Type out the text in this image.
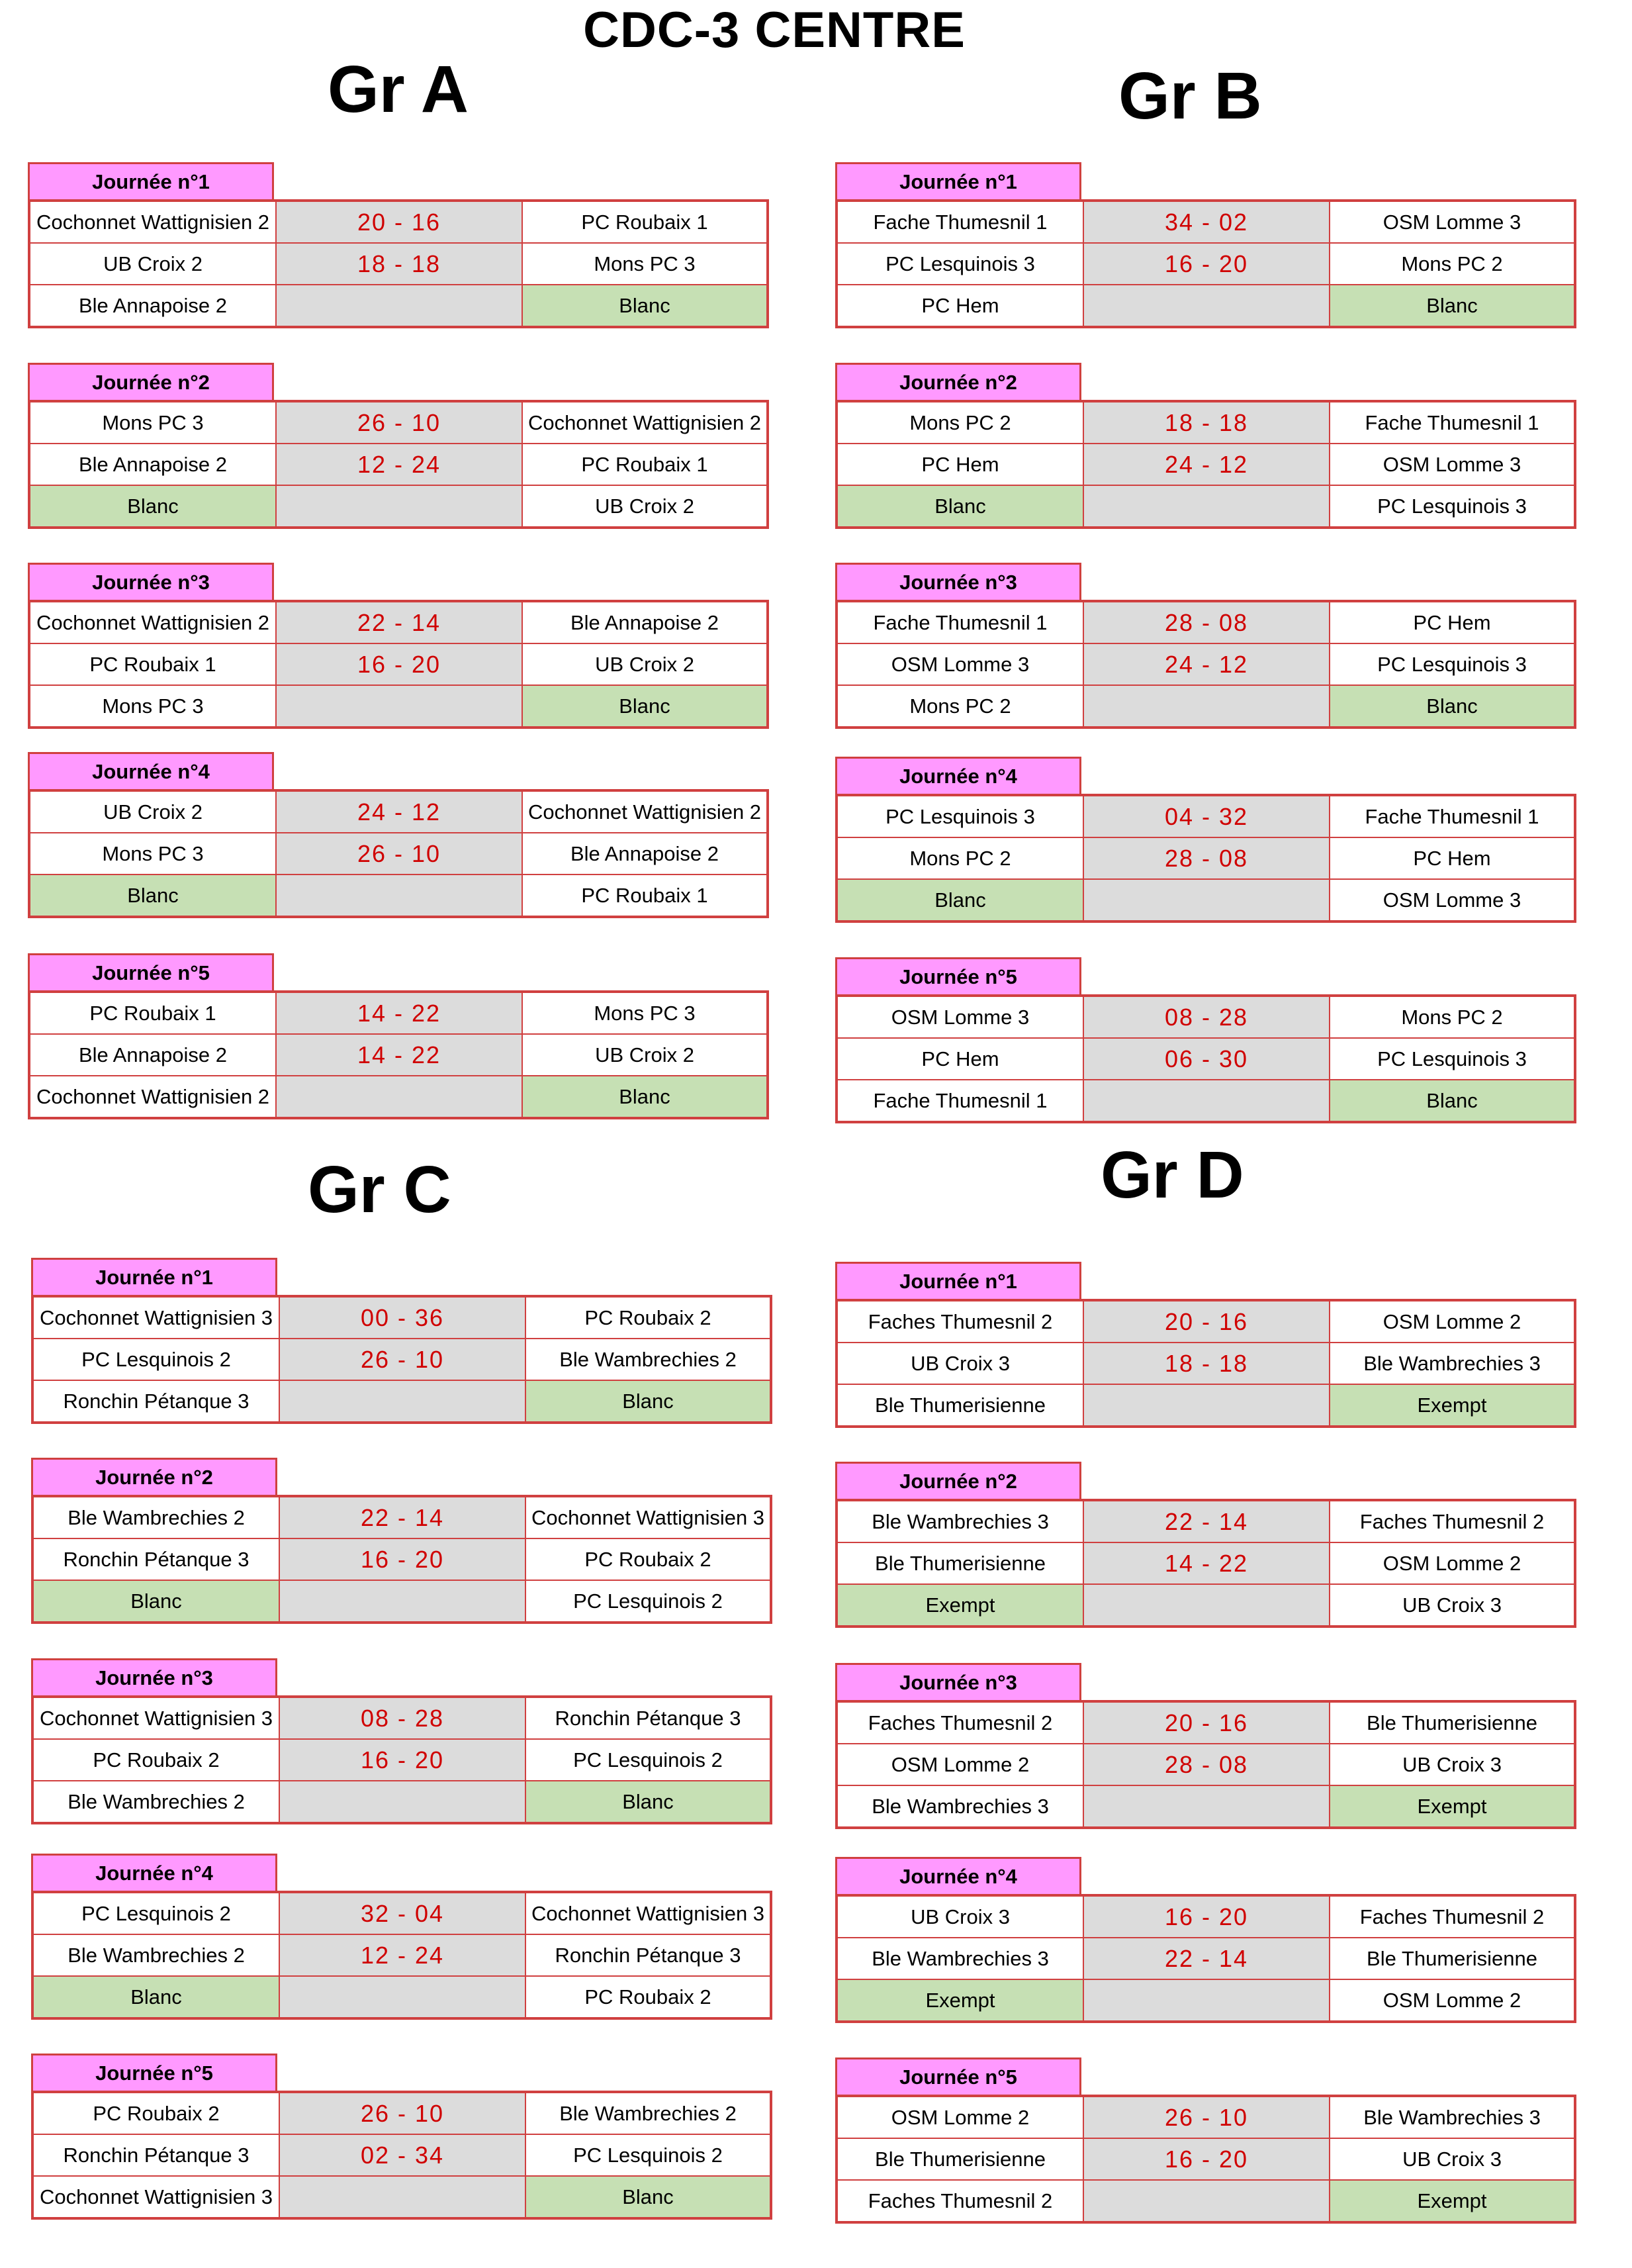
CDC-3 CENTRE
Gr A	Gr B
Gr C	Gr D
Journée n°1
Cochonnet Wattignisien 2	20 - 16	PC Roubaix 1
UB Croix 2	18 - 18	Mons PC 3
Ble Annapoise 2	Blanc
Journée n°2
Mons PC 3	26 - 10	Cochonnet Wattignisien 2
Ble Annapoise 2	12 - 24	PC Roubaix 1
Blanc	UB Croix 2
Journée n°3
Cochonnet Wattignisien 2	22 - 14	Ble Annapoise 2
PC Roubaix 1	16 - 20	UB Croix 2
Mons PC 3	Blanc
Journée n°4
UB Croix 2	24 - 12	Cochonnet Wattignisien 2
Mons PC 3	26 - 10	Ble Annapoise 2
Blanc	PC Roubaix 1
Journée n°5
PC Roubaix 1	14 - 22	Mons PC 3
Ble Annapoise 2	14 - 22	UB Croix 2
Cochonnet Wattignisien 2	Blanc
Journée n°1
Fache Thumesnil 1	34 - 02	OSM Lomme 3
PC Lesquinois 3	16 - 20	Mons PC 2
PC Hem	Blanc
Journée n°2
Mons PC 2	18 - 18	Fache Thumesnil 1
PC Hem	24 - 12	OSM Lomme 3
Blanc	PC Lesquinois 3
Journée n°3
Fache Thumesnil 1	28 - 08	PC Hem
OSM Lomme 3	24 - 12	PC Lesquinois 3
Mons PC 2	Blanc
Journée n°4
PC Lesquinois 3	04 - 32	Fache Thumesnil 1
Mons PC 2	28 - 08	PC Hem
Blanc	OSM Lomme 3
Journée n°5
OSM Lomme 3	08 - 28	Mons PC 2
PC Hem	06 - 30	PC Lesquinois 3
Fache Thumesnil 1	Blanc
Journée n°1
Cochonnet Wattignisien 3	00 - 36	PC Roubaix 2
PC Lesquinois 2	26 - 10	Ble Wambrechies 2
Ronchin Pétanque 3	Blanc
Journée n°2
Ble Wambrechies 2	22 - 14	Cochonnet Wattignisien 3
Ronchin Pétanque 3	16 - 20	PC Roubaix 2
Blanc	PC Lesquinois 2
Journée n°3
Cochonnet Wattignisien 3	08 - 28	Ronchin Pétanque 3
PC Roubaix 2	16 - 20	PC Lesquinois 2
Ble Wambrechies 2	Blanc
Journée n°4
PC Lesquinois 2	32 - 04	Cochonnet Wattignisien 3
Ble Wambrechies 2	12 - 24	Ronchin Pétanque 3
Blanc	PC Roubaix 2
Journée n°5
PC Roubaix 2	26 - 10	Ble Wambrechies 2
Ronchin Pétanque 3	02 - 34	PC Lesquinois 2
Cochonnet Wattignisien 3	Blanc
Journée n°1
Faches Thumesnil 2	20 - 16	OSM Lomme 2
UB Croix 3	18 - 18	Ble Wambrechies 3
Ble Thumerisienne	Exempt
Journée n°2
Ble Wambrechies 3	22 - 14	Faches Thumesnil 2
Ble Thumerisienne	14 - 22	OSM Lomme 2
Exempt	UB Croix 3
Journée n°3
Faches Thumesnil 2	20 - 16	Ble Thumerisienne
OSM Lomme 2	28 - 08	UB Croix 3
Ble Wambrechies 3	Exempt
Journée n°4
UB Croix 3	16 - 20	Faches Thumesnil 2
Ble Wambrechies 3	22 - 14	Ble Thumerisienne
Exempt	OSM Lomme 2
Journée n°5
OSM Lomme 2	26 - 10	Ble Wambrechies 3
Ble Thumerisienne	16 - 20	UB Croix 3
Faches Thumesnil 2	Exempt
